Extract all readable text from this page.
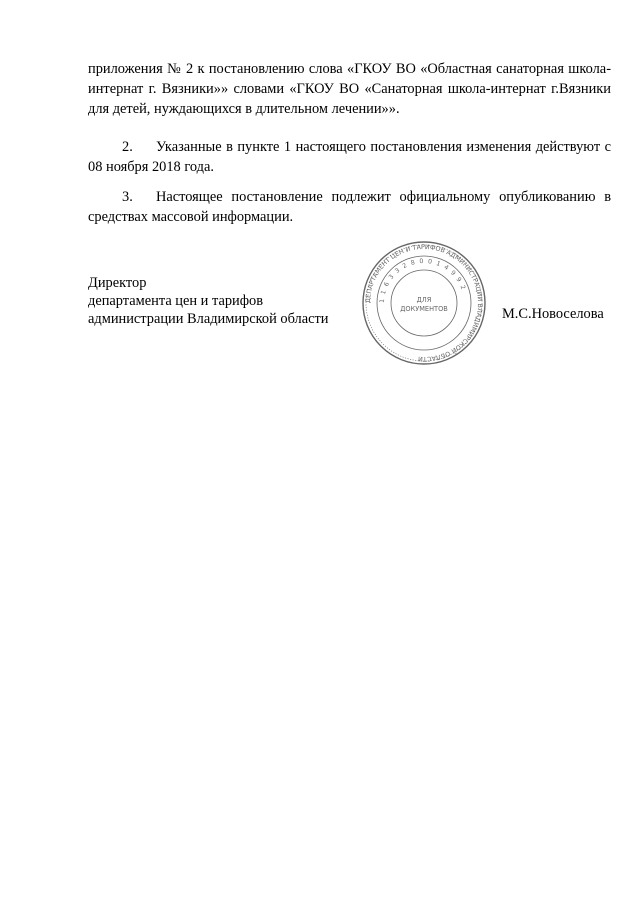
приложения № 2 к постановлению слова «ГКОУ ВО «Областная санаторная школа-интернат г. Вязники»» словами «ГКОУ ВО «Санаторная школа-интернат г.Вязники для детей, нуждающихся в длительном лечении»».

2. Указанные в пункте 1 настоящего постановления изменения действуют с 08 ноября 2018 года.

3. Настоящее постановление подлежит официальному опубликованию в средствах массовой информации.

Директор
департамента цен и тарифов
администрации Владимирской области
ДЕПАРТАМЕНТ ЦЕН И ТАРИФОВ АДМИНИСТРАЦИИ ВЛАДИМИРСКОЙ ОБЛАСТИ
1 1 6 3 3 2 8 0 0 1 4 9 9 2
ДЛЯ
ДОКУМЕНТОВ	М.С.Новоселова
